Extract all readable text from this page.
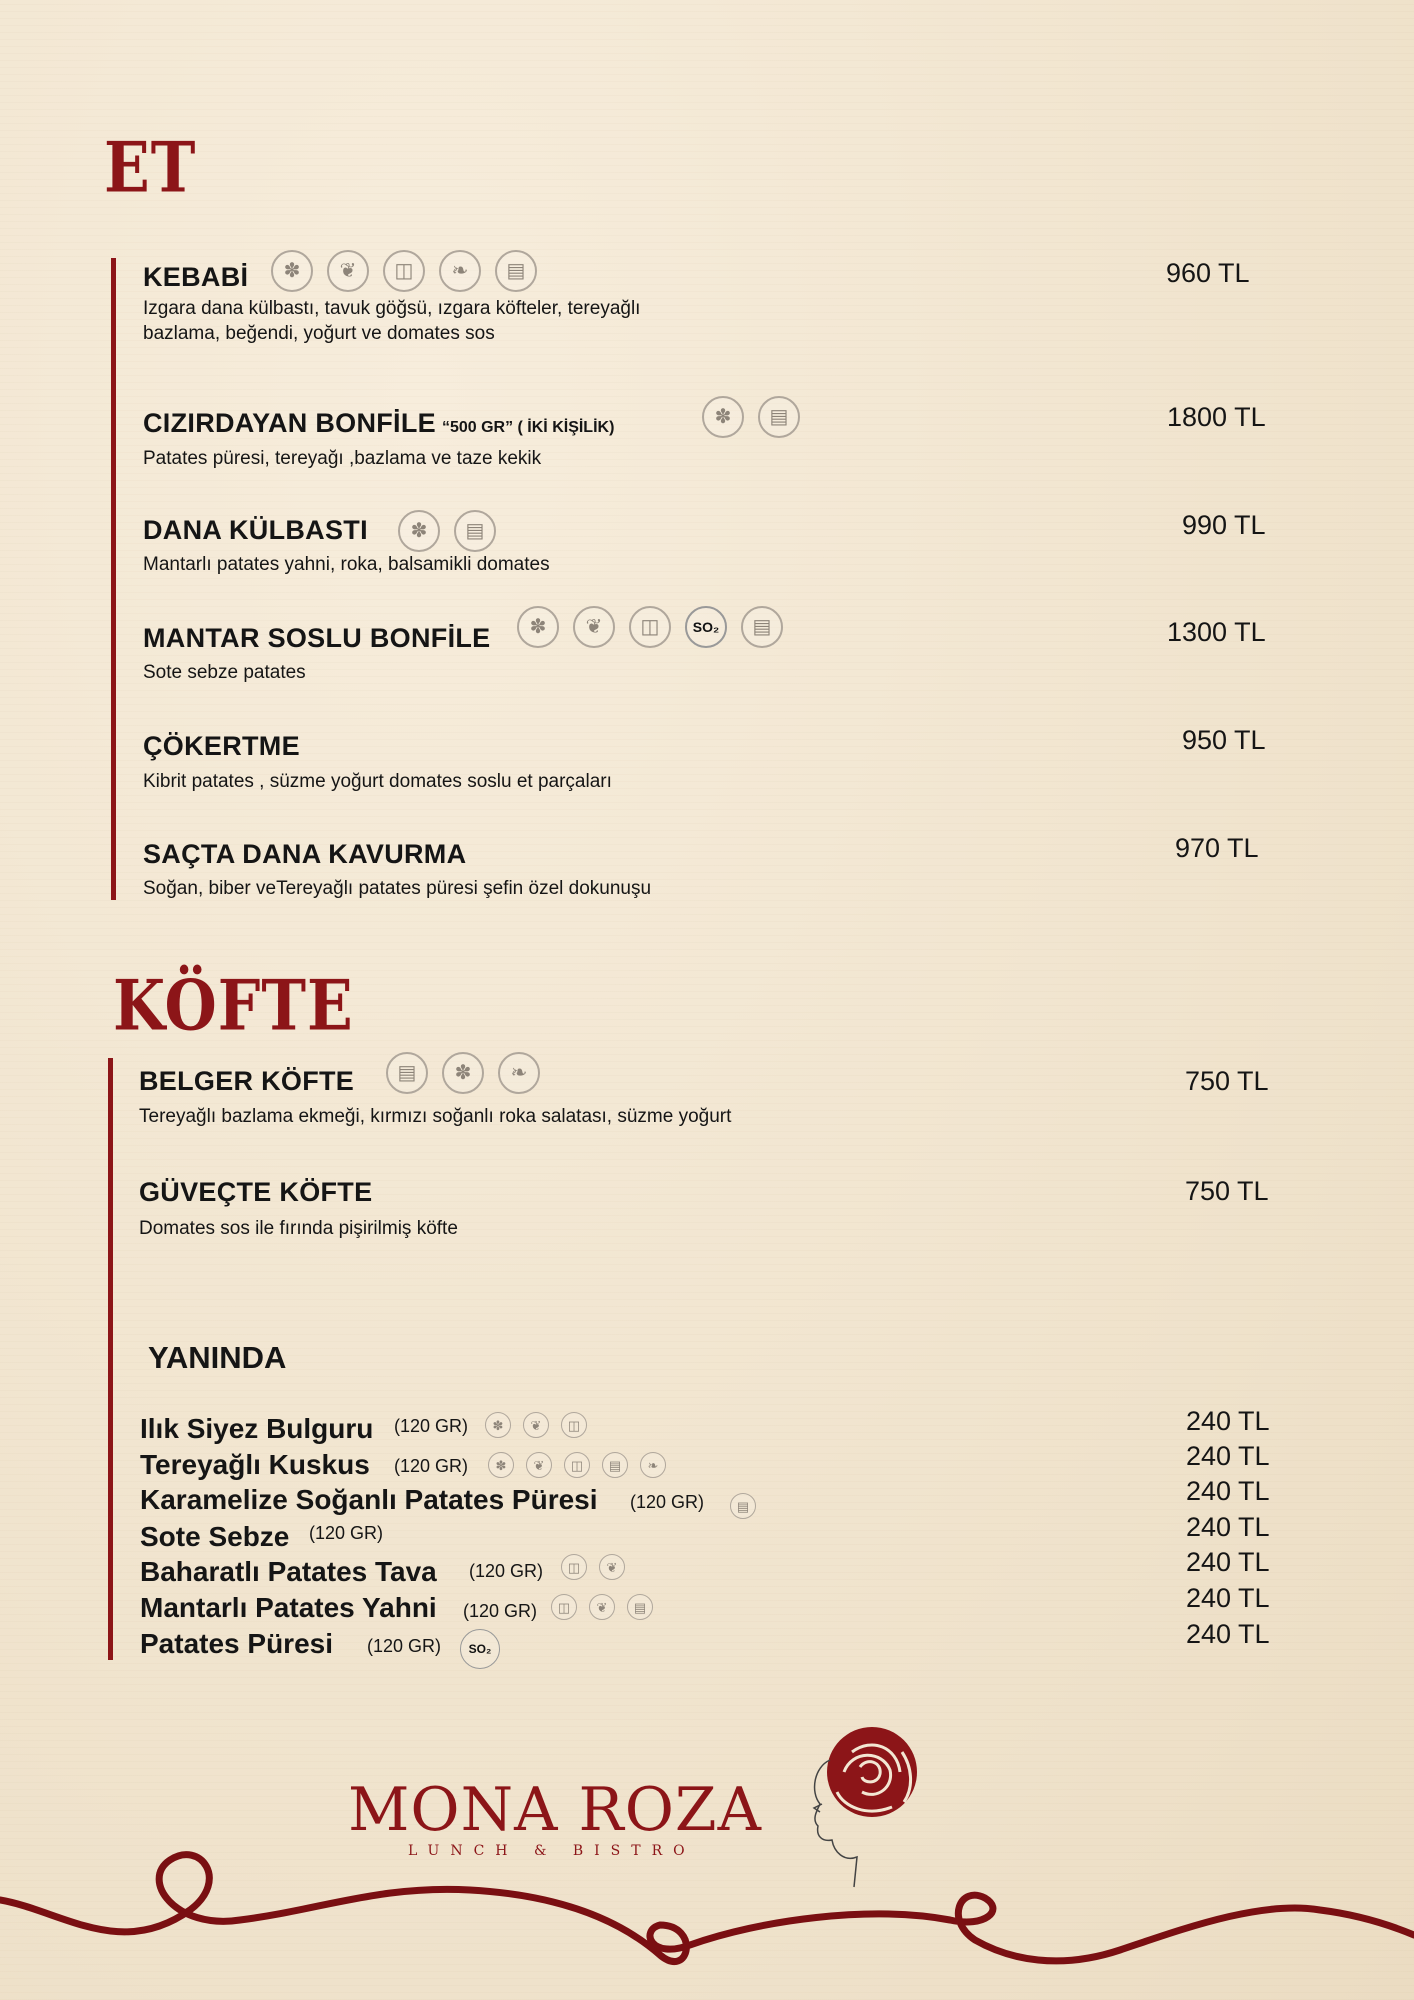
ET
KEBABİ	✽	❦	◫	❧	▤
Izgara dana külbastı, tavuk göğsü, ızgara köfteler, tereyağlı
bazlama, beğendi, yoğurt ve domates sos
960 TL
CIZIRDAYAN BONFİLE “500 GR” ( İKİ KİŞİLİK)	✽	▤
Patates püresi, tereyağı ,bazlama ve taze kekik
1800 TL
DANA KÜLBASTI	✽	▤
Mantarlı patates yahni, roka, balsamikli domates
990 TL
MANTAR SOSLU BONFİLE	✽	❦	◫	SO₂	▤
Sote sebze patates
1300 TL
ÇÖKERTME
Kibrit patates , süzme yoğurt domates soslu et parçaları
950 TL
SAÇTA DANA KAVURMA
Soğan, biber veTereyağlı patates püresi şefin özel dokunuşu
970 TL
KÖFTE
BELGER KÖFTE	▤	✽	❧
Tereyağlı bazlama ekmeği, kırmızı soğanlı roka salatası, süzme yoğurt
750 TL
GÜVEÇTE KÖFTE
Domates sos ile fırında pişirilmiş köfte
750 TL
YANINDA
Ilık Siyez Bulguru (120 GR)	✽	❦	◫	240 TL
Tereyağlı Kuskus (120 GR)	✽	❦	◫	▤	❧	240 TL
Karamelize Soğanlı Patates Püresi (120 GR)	▤	240 TL
Sote Sebze (120 GR)	240 TL
Baharatlı Patates Tava (120 GR)	◫	❦	240 TL
Mantarlı Patates Yahni (120 GR)	◫	❦	▤	240 TL
Patates Püresi (120 GR)	SO₂	240 TL
MONA ROZA
LUNCH & BISTRO
